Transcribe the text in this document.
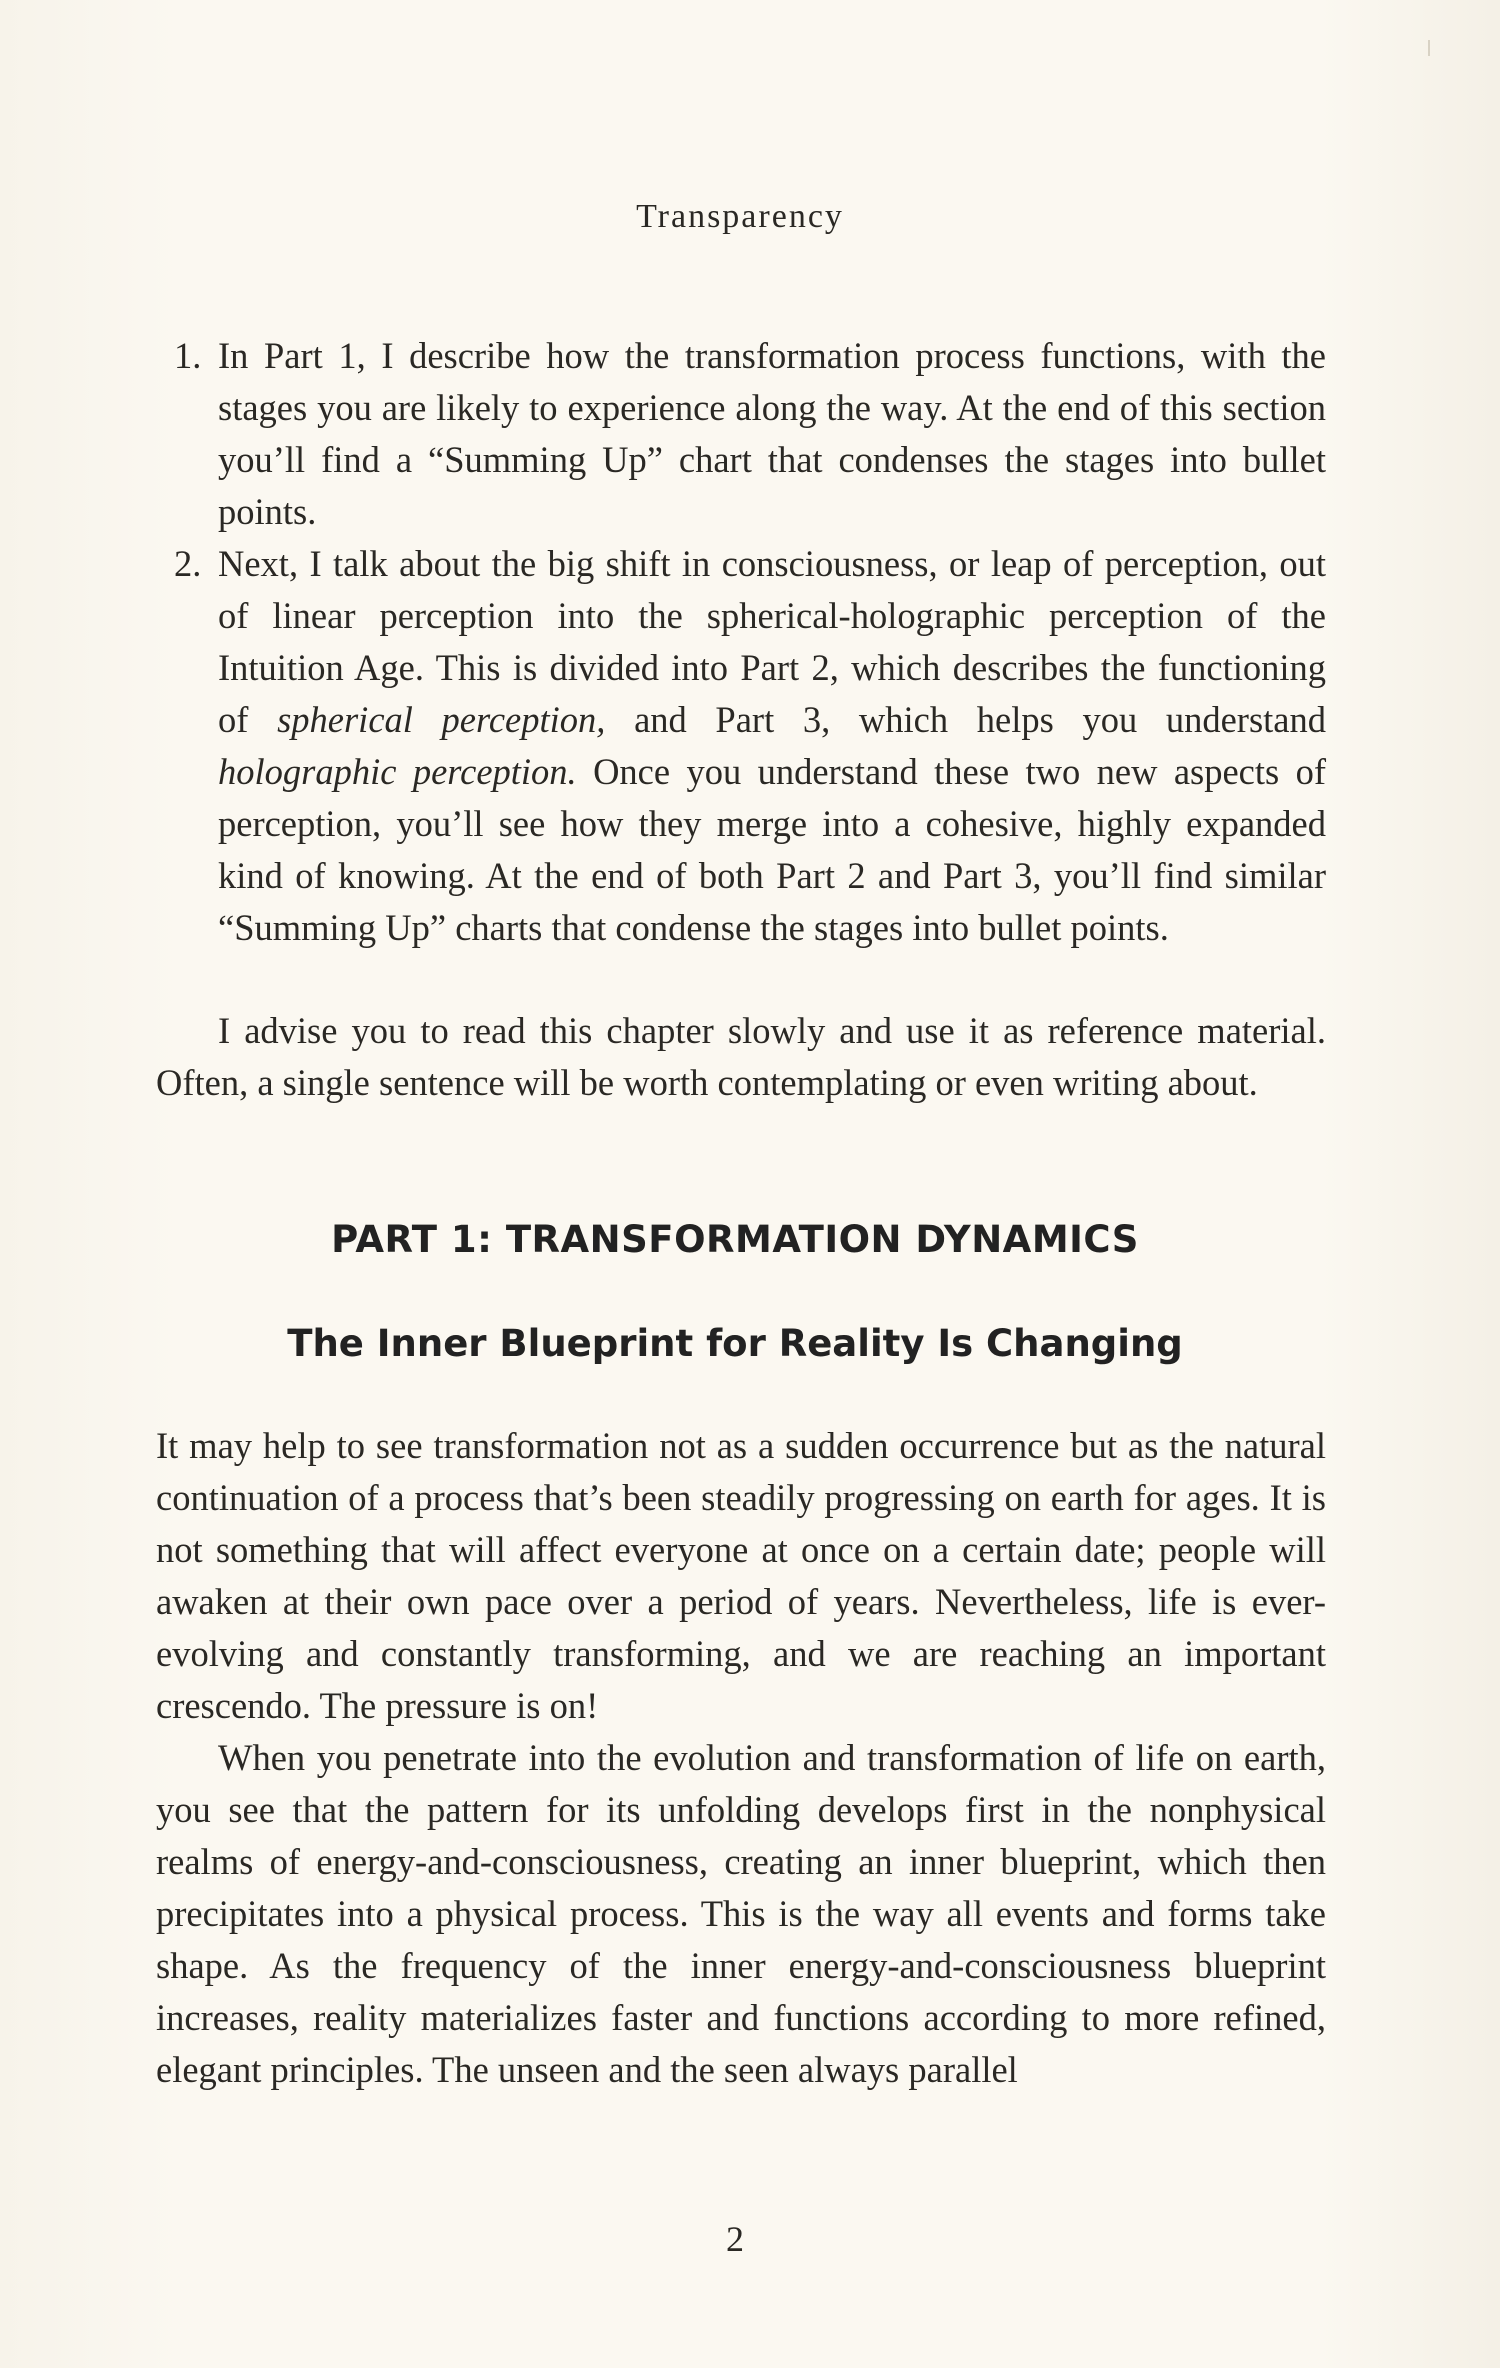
Transparency
1. In Part 1, I describe how the transformation process functions, with the stages you are likely to experience along the way. At the end of this section you’ll find a “Summing Up” chart that condenses the stages into bullet points.
2. Next, I talk about the big shift in consciousness, or leap of perception, out of linear perception into the spherical-holographic perception of the Intuition Age. This is divided into Part 2, which describes the functioning of spherical perception, and Part 3, which helps you understand holographic perception. Once you understand these two new aspects of perception, you’ll see how they merge into a cohesive, highly expanded kind of knowing. At the end of both Part 2 and Part 3, you’ll find similar “Summing Up” charts that condense the stages into bullet points.

I advise you to read this chapter slowly and use it as reference material. Often, a single sentence will be worth contemplating or even writing about.

PART 1: TRANSFORMATION DYNAMICS
The Inner Blueprint for Reality Is Changing

It may help to see transformation not as a sudden occurrence but as the natural continuation of a process that’s been steadily progressing on earth for ages. It is not something that will affect everyone at once on a certain date; people will awaken at their own pace over a period of years. Nevertheless, life is ever-evolving and constantly transforming, and we are reaching an important crescendo. The pressure is on!

When you penetrate into the evolution and transformation of life on earth, you see that the pattern for its unfolding develops first in the nonphysical realms of energy-and-consciousness, creating an inner blueprint, which then precipitates into a physical process. This is the way all events and forms take shape. As the frequency of the inner energy-and-consciousness blueprint increases, reality materializes faster and functions according to more refined, elegant principles. The unseen and the seen always parallel

2
